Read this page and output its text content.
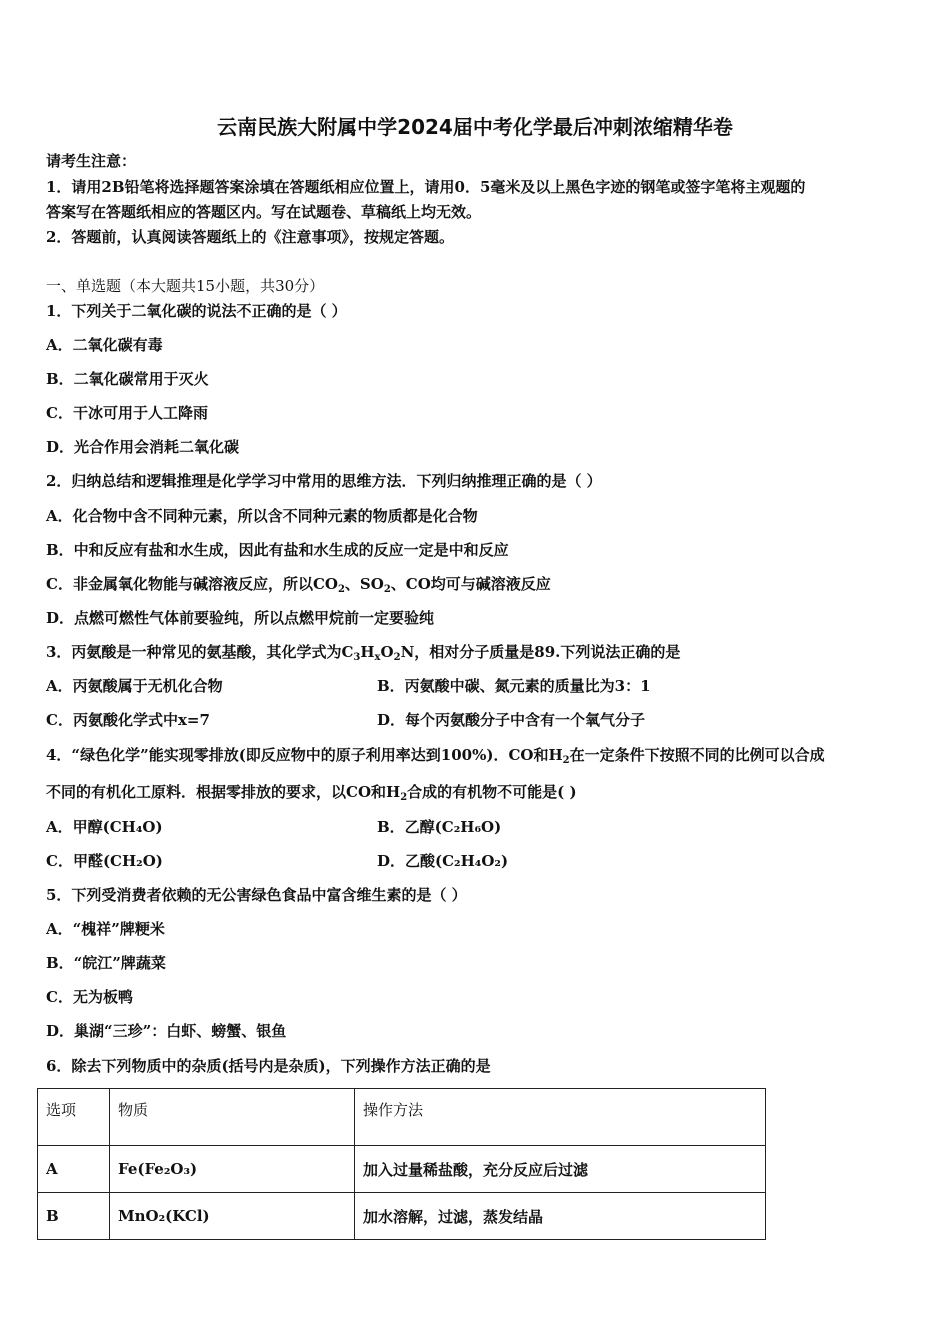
云南民族大附属中学2024届中考化学最后冲刺浓缩精华卷
请考生注意：
1．请用2B铅笔将选择题答案涂填在答题纸相应位置上，请用0．5毫米及以上黑色字迹的钢笔或签字笔将主观题的
答案写在答题纸相应的答题区内。写在试题卷、草稿纸上均无效。
2．答题前，认真阅读答题纸上的《注意事项》，按规定答题。
一、单选题（本大题共15小题，共30分）
1．下列关于二氧化碳的说法不正确的是（ ）
A．二氧化碳有毒
B．二氧化碳常用于灭火
C．干冰可用于人工降雨
D．光合作用会消耗二氧化碳
2．归纳总结和逻辑推理是化学学习中常用的思维方法．下列归纳推理正确的是（ ）
A．化合物中含不同种元素，所以含不同种元素的物质都是化合物
B．中和反应有盐和水生成，因此有盐和水生成的反应一定是中和反应
C．非金属氧化物能与碱溶液反应，所以$CO_2$、$SO_2$、CO均可与碱溶液反应
D．点燃可燃性气体前要验纯，所以点燃甲烷前一定要验纯
3．丙氨酸是一种常见的氨基酸，其化学式为$C_3H_xO_2N$，相对分子质量是89.下列说法正确的是
A．丙氨酸属于无机化合物	B．丙氨酸中碳、氮元素的质量比为3：1
C．丙氨酸化学式中x=7	D．每个丙氨酸分子中含有一个氧气分子
4．“绿色化学”能实现零排放(即反应物中的原子利用率达到100%)．CO和$H_2$在一定条件下按照不同的比例可以合成
不同的有机化工原料．根据零排放的要求，以CO和$H_2$合成的有机物不可能是( )
A．甲醇(CH₄O)	B．乙醇(C₂H₆O)
C．甲醛(CH₂O)	D．乙酸(C₂H₄O₂)
5．下列受消费者依赖的无公害绿色食品中富含维生素的是（ ）
A．“槐祥”牌粳米
B．“皖江”牌蔬菜
C．无为板鸭
D．巢湖“三珍”：白虾、螃蟹、银鱼
6．除去下列物质中的杂质(括号内是杂质)，下列操作方法正确的是
选项	物质	操作方法
A	Fe(Fe₂O₃)	加入过量稀盐酸，充分反应后过滤
B	MnO₂(KCl)	加水溶解，过滤，蒸发结晶
